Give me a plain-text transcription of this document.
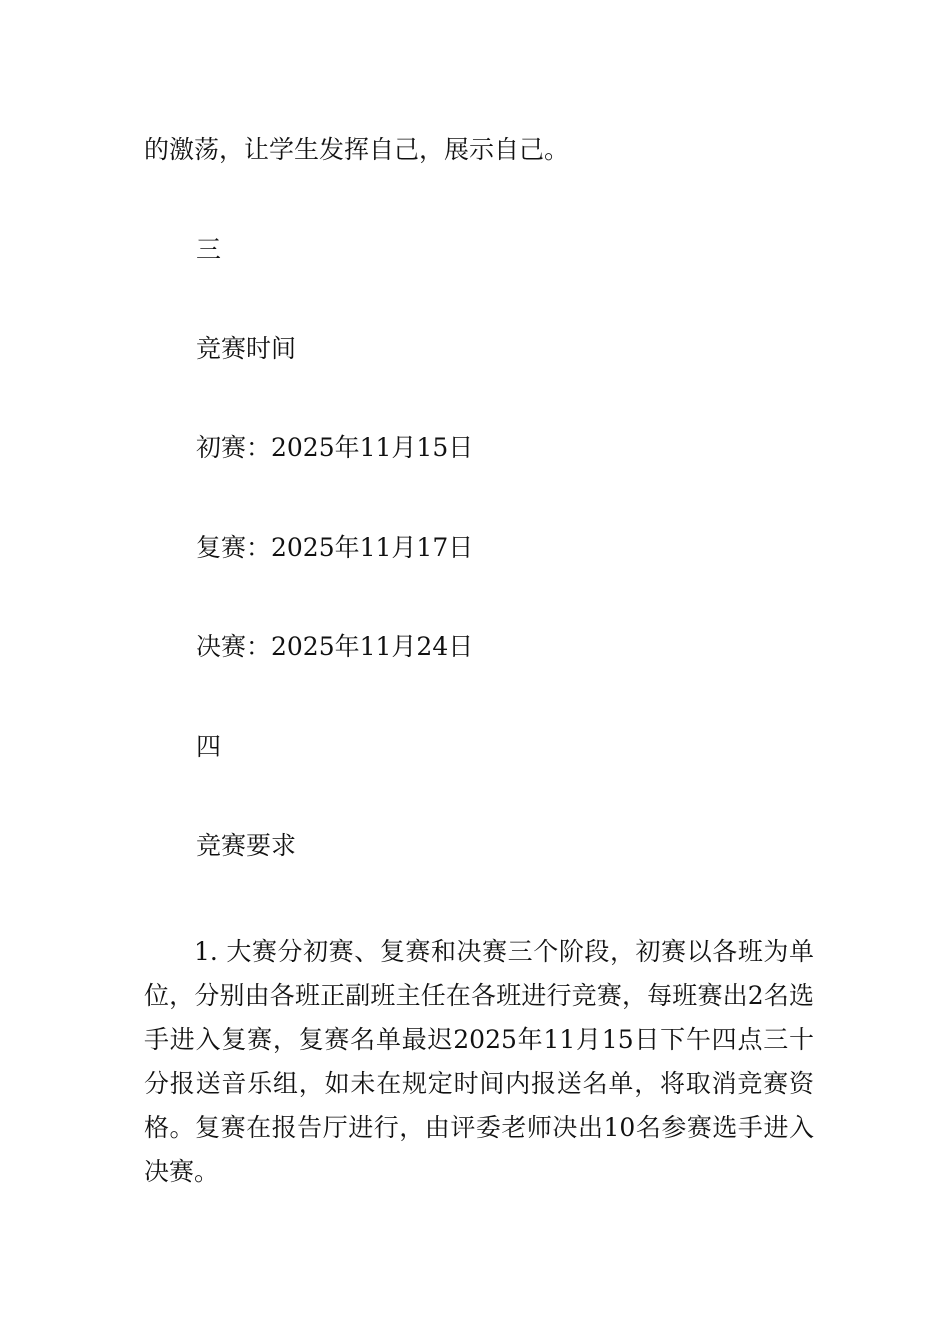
的激荡，让学生发挥自己，展示自己。
三
竞赛时间
初赛：2025年11月15日
复赛：2025年11月17日
决赛：2025年11月24日
四
竞赛要求
1. 大赛分初赛、复赛和决赛三个阶段，初赛以各班为单位，分别由各班正副班主任在各班进行竞赛，每班赛出2名选手进入复赛，复赛名单最迟2025年11月15日下午四点三十分报送音乐组，如未在规定时间内报送名单，将取消竞赛资格。复赛在报告厅进行，由评委老师决出10名参赛选手进入决赛。
